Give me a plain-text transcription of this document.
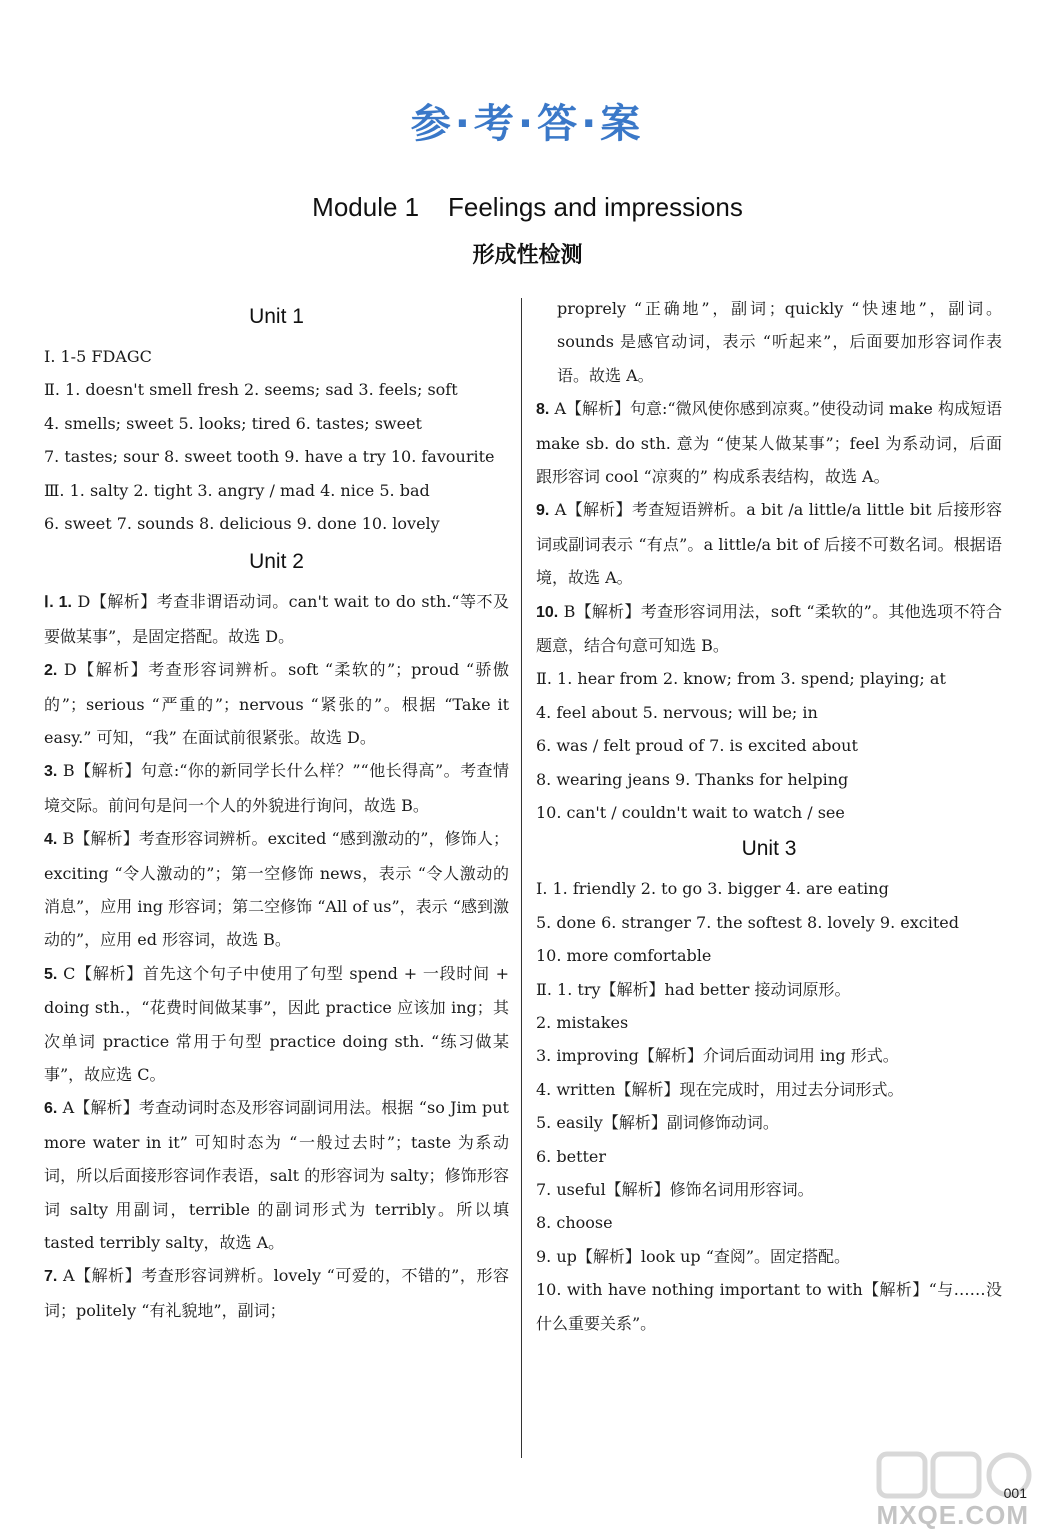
参·考·答·案
Module 1    Feelings and impressions
形成性检测
Unit 1
Ⅰ. 1-5 FDAGC
Ⅱ. 1. doesn't smell fresh 2. seems; sad 3. feels; soft
4. smells; sweet 5. looks; tired 6. tastes; sweet
7. tastes; sour 8. sweet tooth 9. have a try 10. favourite
Ⅲ. 1. salty 2. tight 3. angry / mad 4. nice 5. bad
6. sweet 7. sounds 8. delicious 9. done 10. lovely
Unit 2
Ⅰ. 1. D【解析】考查非谓语动词。can't wait to do sth.“等不及要做某事”，是固定搭配。故选 D。
2. D【解析】考查形容词辨析。soft “柔软的”；proud “骄傲的”；serious “严重的”；nervous “紧张的”。根据 “Take it easy.” 可知，“我” 在面试前很紧张。故选 D。
3. B【解析】句意:“你的新同学长什么样？”“他长得高”。考查情境交际。前问句是问一个人的外貌进行询问，故选 B。
4. B【解析】考查形容词辨析。excited “感到激动的”，修饰人；exciting “令人激动的”；第一空修饰 news，表示 “令人激动的消息”，应用 ing 形容词；第二空修饰 “All of us”，表示 “感到激动的”，应用 ed 形容词，故选 B。
5. C【解析】首先这个句子中使用了句型 spend + 一段时间 + doing sth.，“花费时间做某事”，因此 practice 应该加 ing；其次单词 practice 常用于句型 practice doing sth. “练习做某事”，故应选 C。
6. A【解析】考查动词时态及形容词副词用法。根据 “so Jim put more water in it” 可知时态为 “一般过去时”；taste 为系动词，所以后面接形容词作表语，salt 的形容词为 salty；修饰形容词 salty 用副词，terrible 的副词形式为 terribly。所以填 tasted terribly salty，故选 A。
7. A【解析】考查形容词辨析。lovely “可爱的，不错的”，形容词；politely “有礼貌地”，副词；
proprely “正确地”，副词；quickly “快速地”，副词。sounds 是感官动词，表示 “听起来”，后面要加形容词作表语。故选 A。
8. A【解析】句意:“微风使你感到凉爽。”使役动词 make 构成短语 make sb. do sth. 意为 “使某人做某事”；feel 为系动词，后面跟形容词 cool “凉爽的” 构成系表结构，故选 A。
9. A【解析】考查短语辨析。a bit /a little/a little bit 后接形容词或副词表示 “有点”。a little/a bit of 后接不可数名词。根据语境，故选 A。
10. B【解析】考查形容词用法，soft “柔软的”。其他选项不符合题意，结合句意可知选 B。
Ⅱ. 1. hear from 2. know; from 3. spend; playing; at
4. feel about 5. nervous; will be; in
6. was / felt proud of 7. is excited about
8. wearing jeans 9. Thanks for helping
10. can't / couldn't wait to watch / see
Unit 3
Ⅰ. 1. friendly 2. to go 3. bigger 4. are eating
5. done 6. stranger 7. the softest 8. lovely 9. excited
10. more comfortable
Ⅱ. 1. try【解析】had better 接动词原形。
2. mistakes
3. improving【解析】介词后面动词用 ing 形式。
4. written【解析】现在完成时，用过去分词形式。
5. easily【解析】副词修饰动词。
6. better
7. useful【解析】修饰名词用形容词。
8. choose
9. up【解析】look up “查阅”。固定搭配。
10. with have nothing important to with【解析】“与……没什么重要关系”。
MXQE.COM
001
